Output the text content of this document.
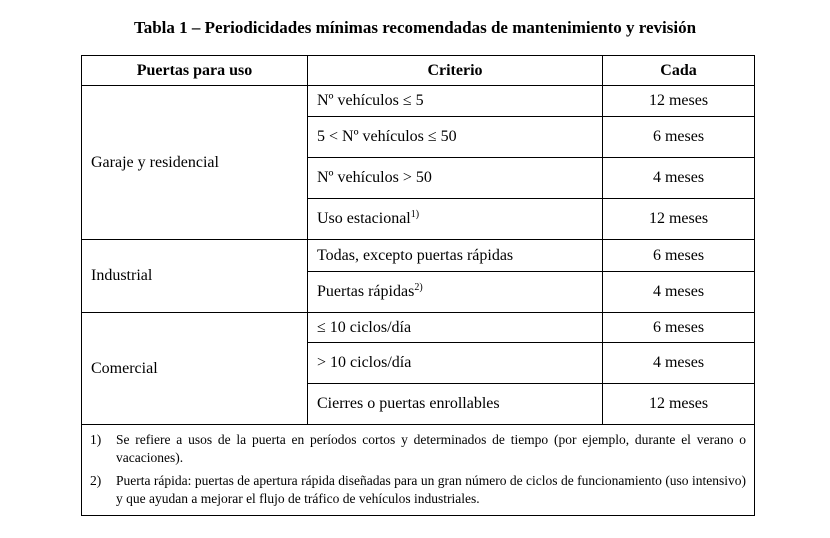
Tabla 1 – Periodicidades mínimas recomendadas de mantenimiento y revisión
Puertas para uso	Criterio	Cada
Garaje y residencial	Nº vehículos ≤ 5	12 meses
	5 < Nº vehículos ≤ 50	6 meses
	Nº vehículos > 50	4 meses
	Uso estacional$^{1)}$	12 meses
Industrial	Todas, excepto puertas rápidas	6 meses
	Puertas rápidas$^{2)}$	4 meses
Comercial	≤ 10 ciclos/día	6 meses
	> 10 ciclos/día	4 meses
	Cierres o puertas enrollables	12 meses

1) Se refiere a usos de la puerta en períodos cortos y determinados de tiempo (por ejemplo, durante el verano o vacaciones).
2) Puerta rápida: puertas de apertura rápida diseñadas para un gran número de ciclos de funcionamiento (uso intensivo) y que ayudan a mejorar el flujo de tráfico de vehículos industriales.		
